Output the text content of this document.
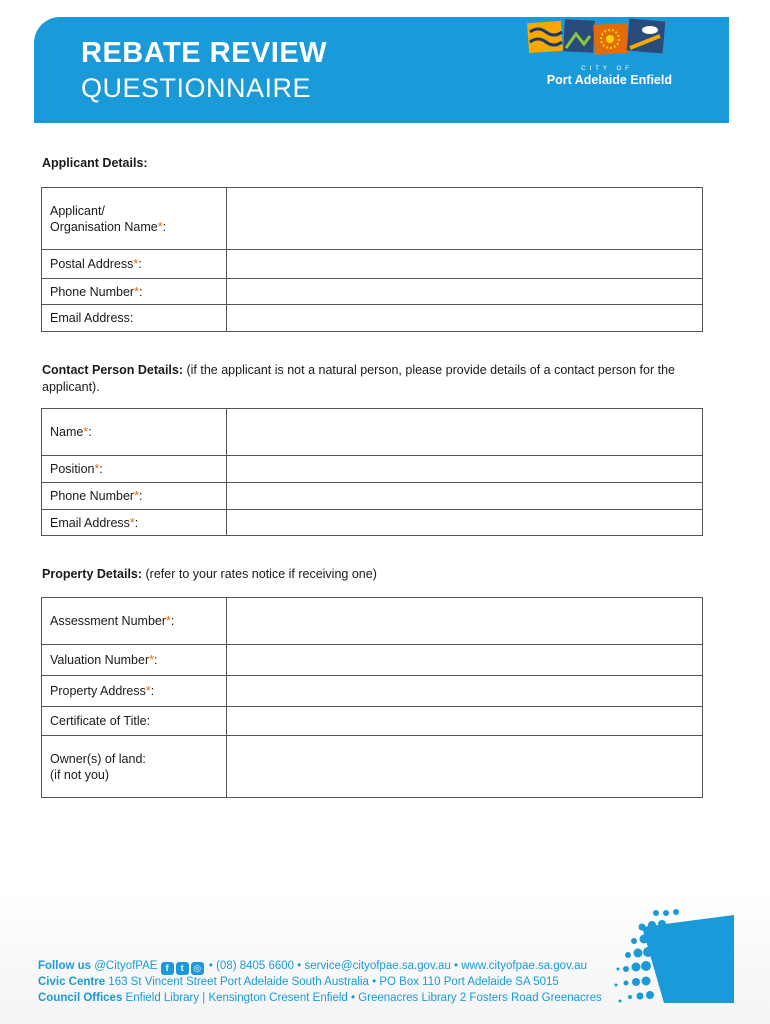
REBATE REVIEW
QUESTIONNAIRE
CITY OF
Port Adelaide Enfield
Applicant Details:
Applicant/
Organisation Name*:	
Postal Address*:	
Phone Number*:	
Email Address:	
Contact Person Details: (if the applicant is not a natural person, please provide details of a contact person for the applicant).
Name*:	
Position*:	
Phone Number*:	
Email Address*:	
Property Details: (refer to your rates notice if receiving one)
Assessment Number*:	
Valuation Number*:	
Property Address*:	
Certificate of Title:	
Owner(s) of land:
(if not you)	
Follow us @CityofPAE f t ◎ • (08) 8405 6600 • service@cityofpae.sa.gov.au • www.cityofpae.sa.gov.au
Civic Centre 163 St Vincent Street Port Adelaide South Australia • PO Box 110 Port Adelaide SA 5015
Council Offices Enfield Library | Kensington Cresent Enfield • Greenacres Library 2 Fosters Road Greenacres
